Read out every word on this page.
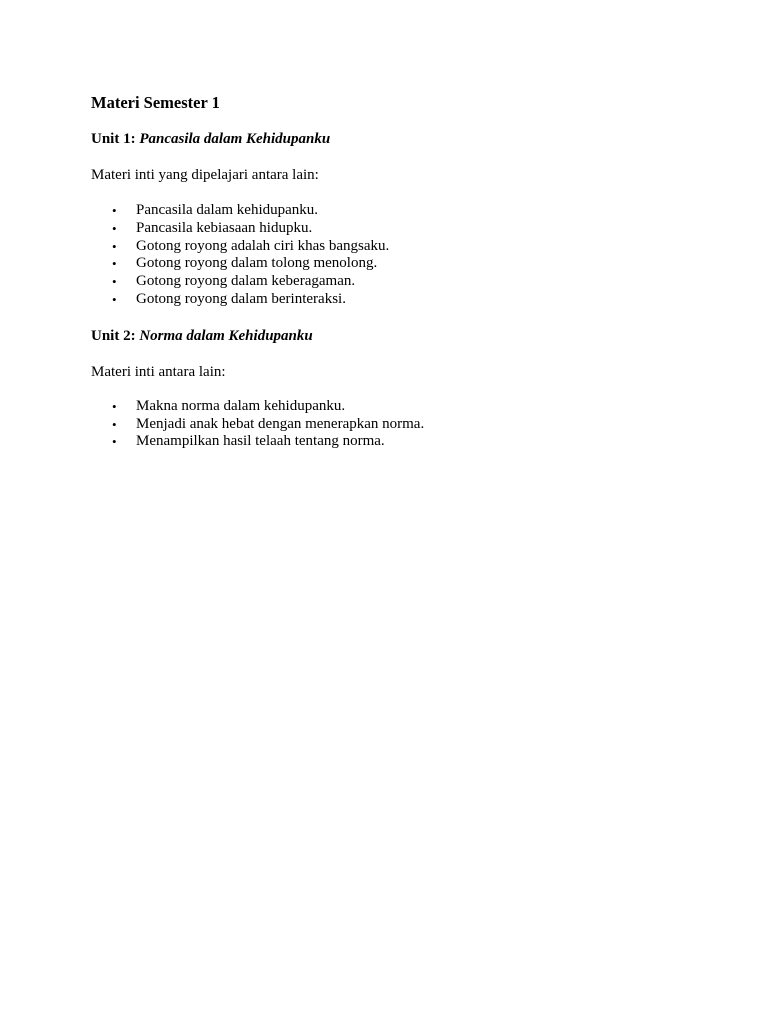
Materi Semester 1

Unit 1: Pancasila dalam Kehidupanku

Materi inti yang dipelajari antara lain:

• Pancasila dalam kehidupanku.
• Pancasila kebiasaan hidupku.
• Gotong royong adalah ciri khas bangsaku.
• Gotong royong dalam tolong menolong.
• Gotong royong dalam keberagaman.
• Gotong royong dalam berinteraksi.

Unit 2: Norma dalam Kehidupanku

Materi inti antara lain:

• Makna norma dalam kehidupanku.
• Menjadi anak hebat dengan menerapkan norma.
• Menampilkan hasil telaah tentang norma.
